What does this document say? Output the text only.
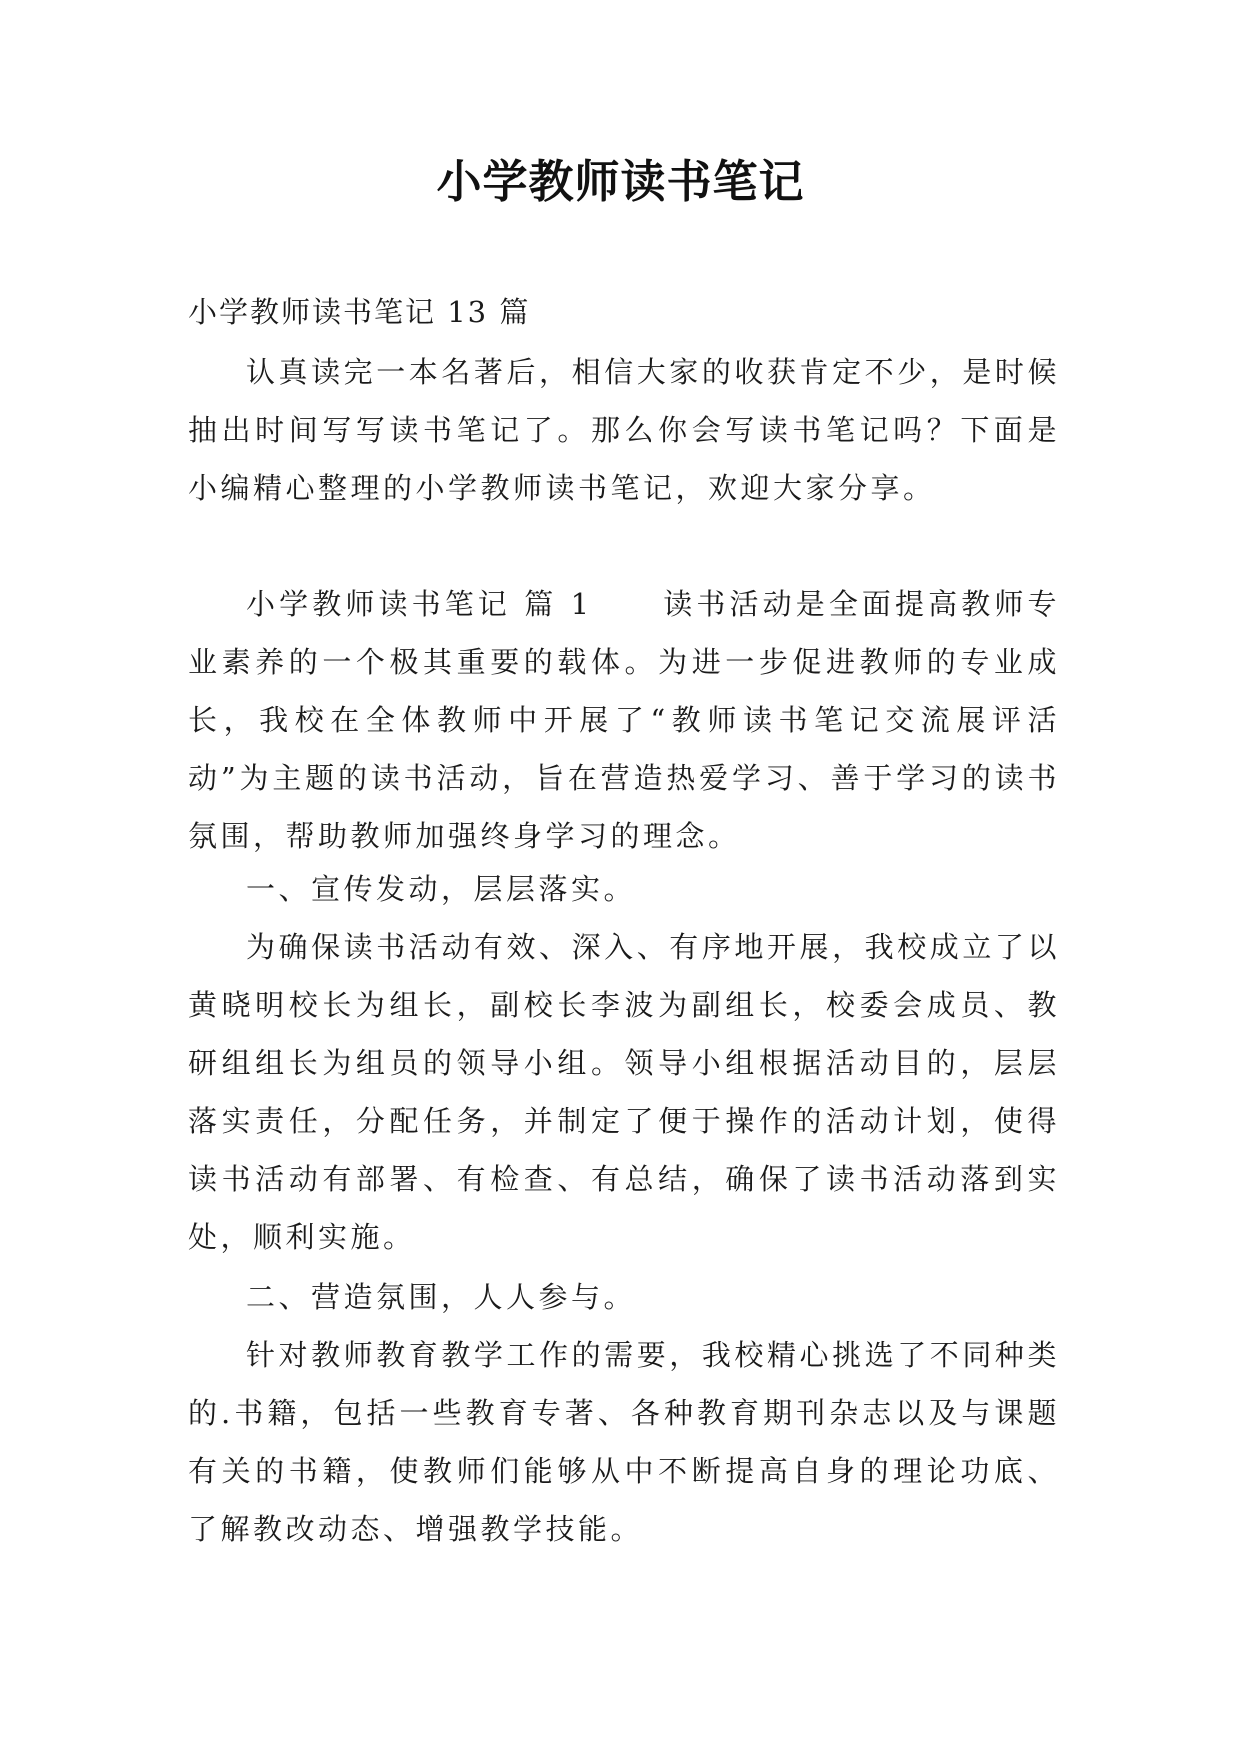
小学教师读书笔记
小学教师读书笔记 13 篇

认真读完一本名著后，相信大家的收获肯定不少，是时候抽出时间写写读书笔记了。那么你会写读书笔记吗？下面是小编精心整理的小学教师读书笔记，欢迎大家分享。

小学教师读书笔记 篇 1 读书活动是全面提高教师专业素养的一个极其重要的载体。为进一步促进教师的专业成长，我校在全体教师中开展了“教师读书笔记交流展评活动”为主题的读书活动，旨在营造热爱学习、善于学习的读书氛围，帮助教师加强终身学习的理念。

一、宣传发动，层层落实。

为确保读书活动有效、深入、有序地开展，我校成立了以黄晓明校长为组长，副校长李波为副组长，校委会成员、教研组组长为组员的领导小组。领导小组根据活动目的，层层落实责任，分配任务，并制定了便于操作的活动计划，使得读书活动有部署、有检查、有总结，确保了读书活动落到实处，顺利实施。

二、营造氛围，人人参与。

针对教师教育教学工作的需要，我校精心挑选了不同种类的.书籍，包括一些教育专著、各种教育期刊杂志以及与课题有关的书籍，使教师们能够从中不断提高自身的理论功底、了解教改动态、增强教学技能。
